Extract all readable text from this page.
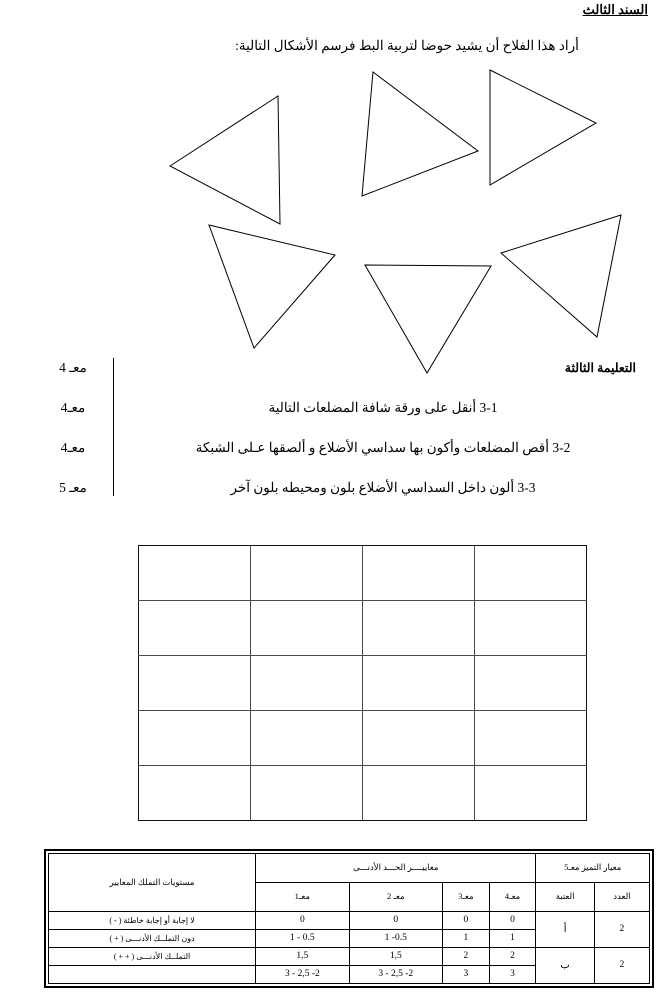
السند الثالث
أراد هذا الفلاح أن يشيد حوضا لتربية البط فرسم الأشكال التالية:
معـ 4	التعليمة الثالثة
معـ4	3-1 أنقل على ورقة شافة المضلعات التالية
معـ4	3-2 أقص المضلعات وأكون بها سداسي الأضلاع و ألصقها عـلى الشبكة
معـ 5	3-3 ألون داخل السداسي الأضلاع بلون ومحيطه بلون آخر

معيار التميز معـ5		معاييــــر الحـــد الأدنـــى				مستويات التملك المعايير
العدد	العتبة	معـ4	معـ3	معـ 2	معـ1	
2	أ	0	0	0	0	لا إجابة أو إجابة خاطئة ( - )
		1	1	0.5- 1	0.5 - 1	دون التملــك الأدنـــى ( + )
2	ب	2	2	1,5	1,5	التملــك الأدنـــى ( + + )
		3	3	2- 2,5 - 3	2- 2,5 - 3	
